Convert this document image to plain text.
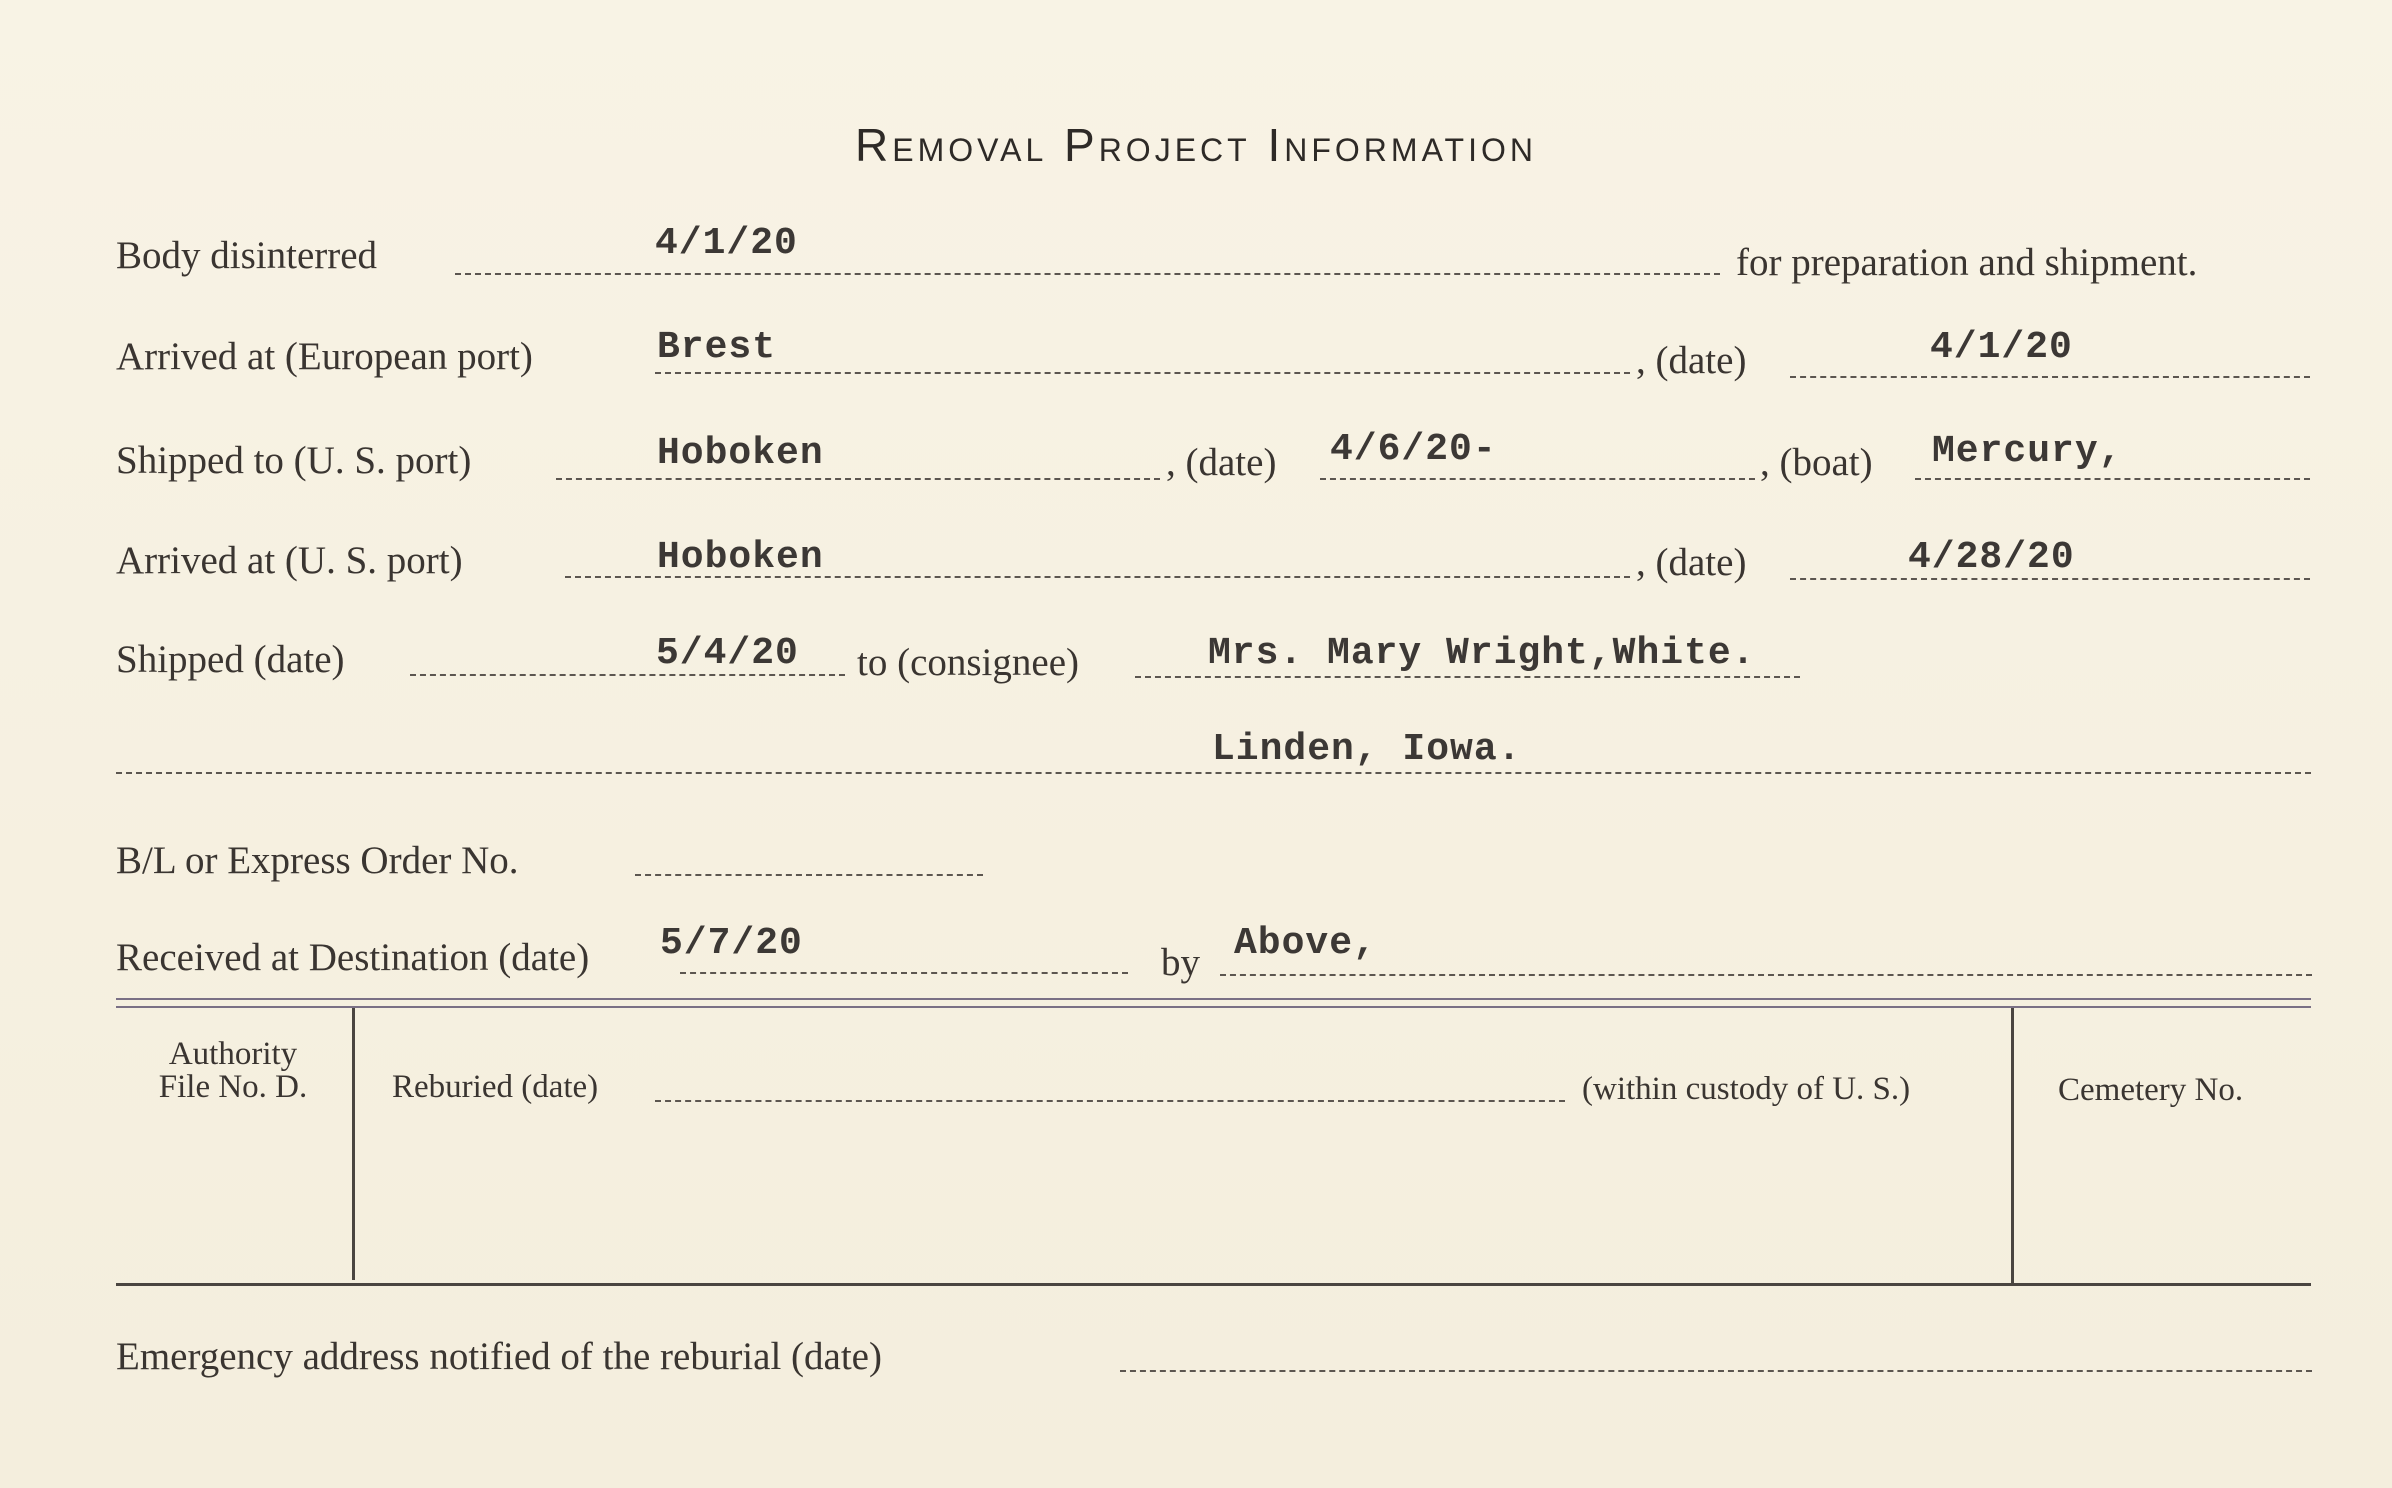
Removal Project Information
Body disinterred	4/1/20	for preparation and shipment.
Arrived at (European port)	Brest	, (date)	4/1/20
Shipped to (U. S. port)	Hoboken	, (date) 4/6/20-	, (boat) Mercury,
Arrived at (U. S. port)	Hoboken	, (date)	4/28/20
Shipped (date)	5/4/20 to (consignee)	Mrs. Mary Wright,White.
Linden, Iowa.
B/L or Express Order No.
Received at Destination (date) 5/7/20	by Above,
Authority
File No. D.	Reburied (date)	(within custody of U. S.)	Cemetery No.
Emergency address notified of the reburial (date)
